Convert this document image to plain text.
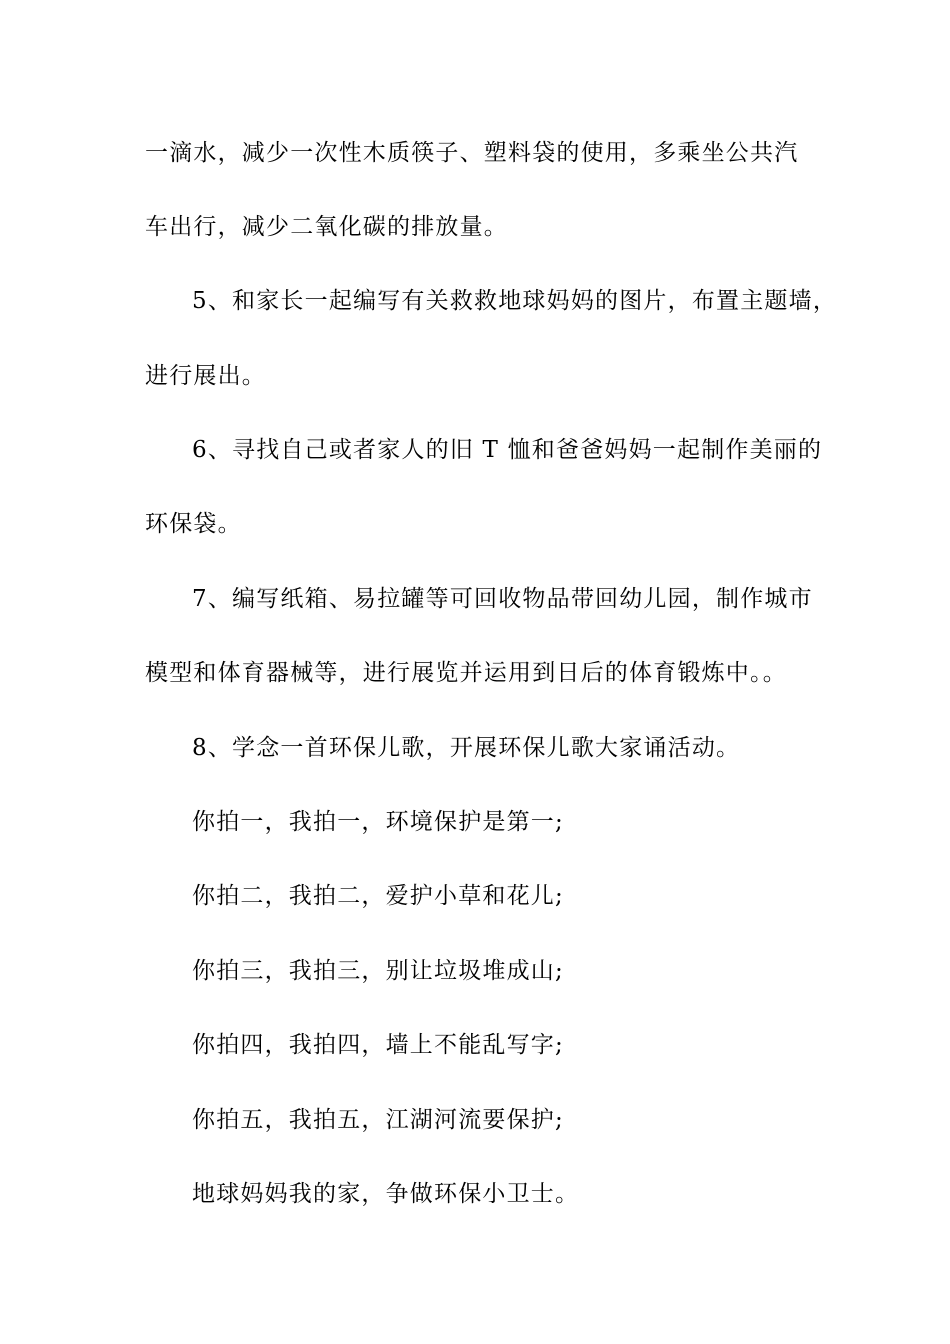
一滴水，减少一次性木质筷子、塑料袋的使用，多乘坐公共汽
车出行，减少二氧化碳的排放量。
5、和家长一起编写有关救救地球妈妈的图片，布置主题墙，
进行展出。
6、寻找自己或者家人的旧 T 恤和爸爸妈妈一起制作美丽的
环保袋。
7、编写纸箱、易拉罐等可回收物品带回幼儿园，制作城市
模型和体育器械等，进行展览并运用到日后的体育锻炼中。。
8、学念一首环保儿歌，开展环保儿歌大家诵活动。
你拍一，我拍一，环境保护是第一;
你拍二，我拍二，爱护小草和花儿;
你拍三，我拍三，别让垃圾堆成山;
你拍四，我拍四，墙上不能乱写字;
你拍五，我拍五，江湖河流要保护;
地球妈妈我的家，争做环保小卫士。
